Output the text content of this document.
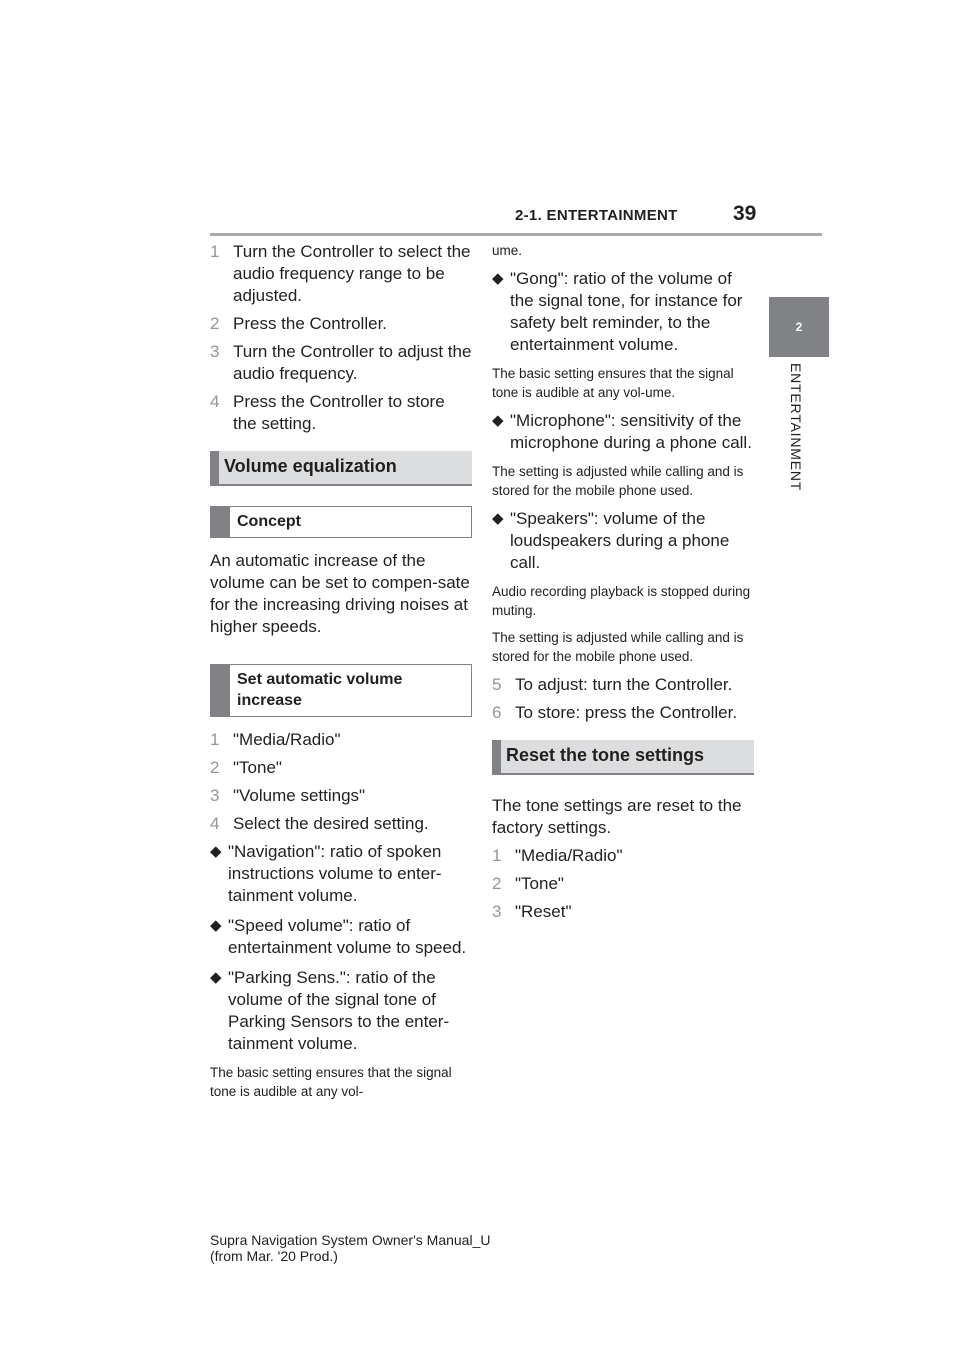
2-1. ENTERTAINMENT	39
2
ENTERTAINMENT
1 Turn the Controller to select the audio frequency range to be adjusted.
2 Press the Controller.
3 Turn the Controller to adjust the audio frequency.
4 Press the Controller to store the setting.
Volume equalization
Concept

An automatic increase of the volume can be set to compen-sate for the increasing driving noises at higher speeds.

Set automatic volume increase
1 "Media/Radio"
2 "Tone"
3 "Volume settings"
4 Select the desired setting.
◆ "Navigation": ratio of spoken instructions volume to enter-tainment volume.
◆ "Speed volume": ratio of entertainment volume to speed.
◆ "Parking Sens.": ratio of the volume of the signal tone of Parking Sensors to the enter-tainment volume.

The basic setting ensures that the signal tone is audible at any vol-

ume.

◆ "Gong": ratio of the volume of the signal tone, for instance for safety belt reminder, to the entertainment volume.

The basic setting ensures that the signal tone is audible at any vol-ume.

◆ "Microphone": sensitivity of the microphone during a phone call.

The setting is adjusted while calling and is stored for the mobile phone used.

◆ "Speakers": volume of the loudspeakers during a phone call.

Audio recording playback is stopped during muting.

The setting is adjusted while calling and is stored for the mobile phone used.

5 To adjust: turn the Controller.
6 To store: press the Controller.
Reset the tone settings

The tone settings are reset to the factory settings.

1 "Media/Radio"
2 "Tone"
3 "Reset"
Supra Navigation System Owner's Manual_U
(from Mar. '20 Prod.)
